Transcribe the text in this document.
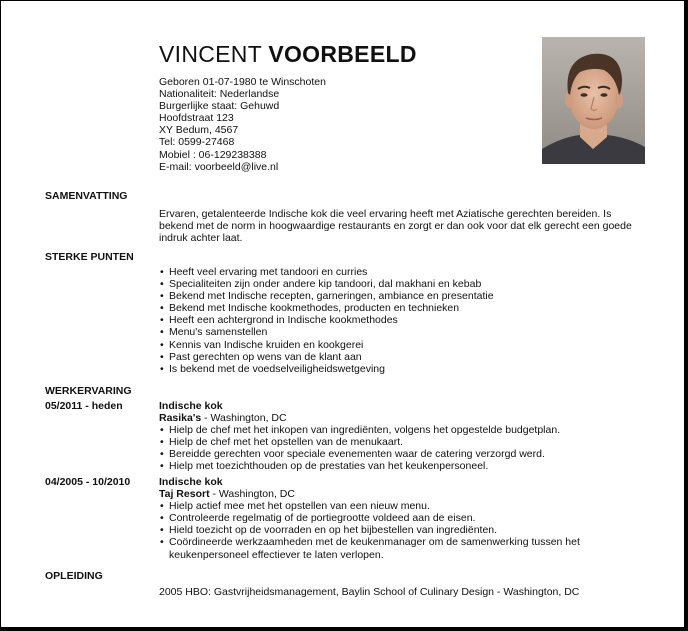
VINCENT VOORBEELD
Geboren 01-07-1980 te Winschoten
Nationaliteit: Nederlandse
Burgerlijke staat: Gehuwd
Hoofdstraat 123
XY Bedum, 4567
Tel: 0599-27468
Mobiel : 06-129238388
E-mail: voorbeeld@live.nl
SAMENVATTING
Ervaren, getalenteerde Indische kok die veel ervaring heeft met Aziatische gerechten bereiden. Is bekend met de norm in hoogwaardige restaurants en zorgt er dan ook voor dat elk gerecht een goede indruk achter laat.
STERKE PUNTEN
• Heeft veel ervaring met tandoori en curries
• Specialiteiten zijn onder andere kip tandoori, dal makhani en kebab
• Bekend met Indische recepten, garneringen, ambiance en presentatie
• Bekend met Indische kookmethodes, producten en technieken
• Heeft een achtergrond in Indische kookmethodes
• Menu's samenstellen
• Kennis van Indische kruiden en kookgerei
• Past gerechten op wens van de klant aan
• Is bekend met de voedselveiligheidswetgeving
WERKERVARING
05/2011 - heden	Indische kok
Rasika's - Washington, DC
• Hielp de chef met het inkopen van ingrediënten, volgens het opgestelde budgetplan.
• Hielp de chef met het opstellen van de menukaart.
• Bereidde gerechten voor speciale evenementen waar de catering verzorgd werd.
• Hielp met toezichthouden op de prestaties van het keukenpersoneel.
04/2005 - 10/2010	Indische kok
Taj Resort - Washington, DC
• Hielp actief mee met het opstellen van een nieuw menu.
• Controleerde regelmatig of de portiegrootte voldeed aan de eisen.
• Hield toezicht op de voorraden en op het bijbestellen van ingrediënten.
• Coördineerde werkzaamheden met de keukenmanager om de samenwerking tussen het keukenpersoneel effectiever te laten verlopen.
OPLEIDING
2005 HBO: Gastvrijheidsmanagement, Baylin School of Culinary Design - Washington, DC
